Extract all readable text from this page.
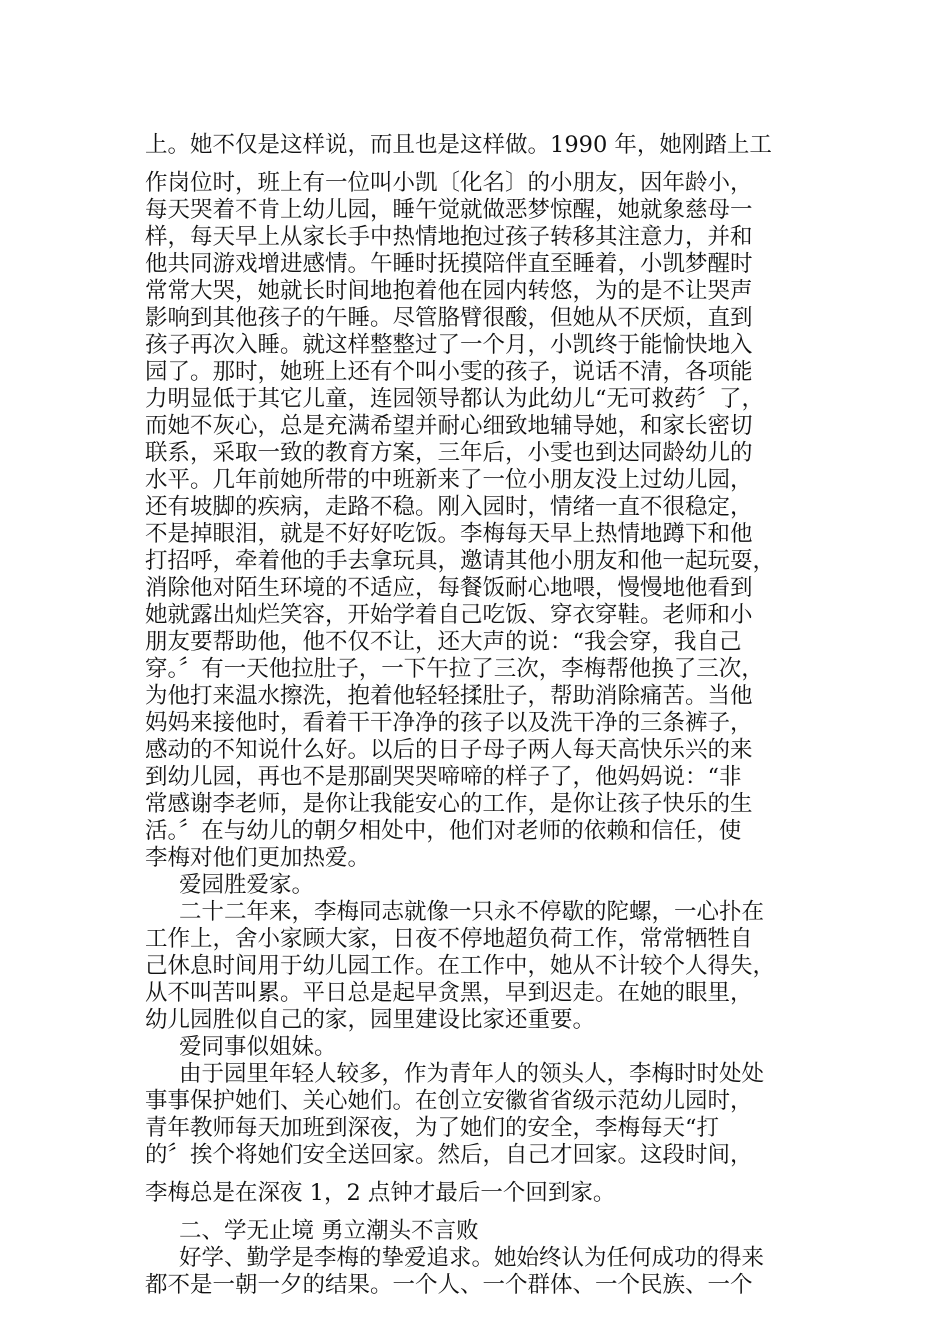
上。她不仅是这样说，而且也是这样做。1990 年，她刚踏上工
作岗位时，班上有一位叫小凯〔化名〕的小朋友，因年龄小，
每天哭着不肯上幼儿园，睡午觉就做恶梦惊醒，她就象慈母一
样，每天早上从家长手中热情地抱过孩子转移其注意力，并和
他共同游戏增进感情。午睡时抚摸陪伴直至睡着，小凯梦醒时
常常大哭，她就长时间地抱着他在园内转悠，为的是不让哭声
影响到其他孩子的午睡。尽管胳臂很酸，但她从不厌烦，直到
孩子再次入睡。就这样整整过了一个月，小凯终于能愉快地入
园了。那时，她班上还有个叫小雯的孩子，说话不清，各项能
力明显低于其它儿童，连园领导都认为此幼儿“无可救药〞了，
而她不灰心，总是充满希望并耐心细致地辅导她，和家长密切
联系，采取一致的教育方案，三年后，小雯也到达同龄幼儿的
水平。几年前她所带的中班新来了一位小朋友没上过幼儿园，
还有坡脚的疾病，走路不稳。刚入园时，情绪一直不很稳定，
不是掉眼泪，就是不好好吃饭。李梅每天早上热情地蹲下和他
打招呼，牵着他的手去拿玩具，邀请其他小朋友和他一起玩耍，
消除他对陌生环境的不适应，每餐饭耐心地喂，慢慢地他看到
她就露出灿烂笑容，开始学着自己吃饭、穿衣穿鞋。老师和小
朋友要帮助他，他不仅不让，还大声的说：“我会穿，我自己
穿。〞有一天他拉肚子，一下午拉了三次，李梅帮他换了三次，
为他打来温水擦洗，抱着他轻轻揉肚子，帮助消除痛苦。当他
妈妈来接他时，看着干干净净的孩子以及洗干净的三条裤子，
感动的不知说什么好。以后的日子母子两人每天高快乐兴的来
到幼儿园，再也不是那副哭哭啼啼的样子了，他妈妈说：“非
常感谢李老师，是你让我能安心的工作，是你让孩子快乐的生
活。〞在与幼儿的朝夕相处中，他们对老师的依赖和信任，使
李梅对他们更加热爱。
爱园胜爱家。
二十二年来，李梅同志就像一只永不停歇的陀螺，一心扑在
工作上，舍小家顾大家，日夜不停地超负荷工作，常常牺牲自
己休息时间用于幼儿园工作。在工作中，她从不计较个人得失，
从不叫苦叫累。平日总是起早贪黑，早到迟走。在她的眼里，
幼儿园胜似自己的家，园里建设比家还重要。
爱同事似姐妹。
由于园里年轻人较多，作为青年人的领头人，李梅时时处处
事事保护她们、关心她们。在创立安徽省省级示范幼儿园时，
青年教师每天加班到深夜，为了她们的安全，李梅每天“打
的〞挨个将她们安全送回家。然后，自己才回家。这段时间，
李梅总是在深夜 1，2 点钟才最后一个回到家。
二、学无止境 勇立潮头不言败
好学、勤学是李梅的挚爱追求。她始终认为任何成功的得来
都不是一朝一夕的结果。一个人、一个群体、一个民族、一个
